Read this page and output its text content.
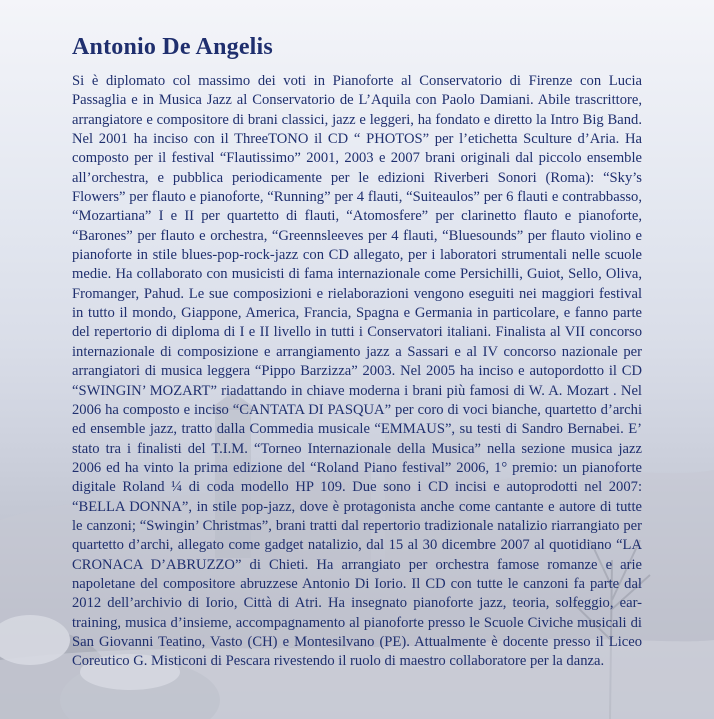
Antonio De Angelis

Si è diplomato col massimo dei voti in Pianoforte al Conservatorio di Firenze con Lucia Passaglia e in Musica Jazz al Conservatorio de L’Aquila con Paolo Damiani. Abile trascrittore, arrangiatore e compositore di brani classici, jazz e leggeri, ha fondato e diretto la Intro Big Band. Nel 2001 ha inciso con il ThreeTONO il CD “ PHOTOS” per l’etichetta Sculture d’Aria. Ha composto per il festival “Flautissimo” 2001, 2003 e 2007 brani originali dal piccolo ensemble all’orchestra, e pubblica periodicamente per le edizioni Riverberi Sonori (Roma): “Sky’s Flowers” per flauto e pianoforte, “Running” per 4 flauti, “Suiteaulos” per 6 flauti e contrabbasso, “Mozartiana” I e II per quartetto di flauti, “Atomosfere” per clarinetto flauto e pianoforte, “Barones” per flauto e orchestra, “Greennsleeves per 4 flauti, “Bluesounds” per flauto violino e pianoforte in stile blues-pop-rock-jazz con CD allegato, per i laboratori strumentali nelle scuole medie. Ha collaborato con musicisti di fama internazionale come Persichilli, Guiot, Sello, Oliva, Fromanger, Pahud. Le sue composizioni e rielaborazioni vengono eseguiti nei maggiori festival in tutto il mondo, Giappone, America, Francia, Spagna e Germania in particolare, e fanno parte del repertorio di diploma di I e II livello in tutti i Conservatori italiani. Finalista al VII concorso internazionale di composizione e arrangiamento jazz a Sassari e al IV concorso nazionale per arrangiatori di musica leggera “Pippo Barzizza” 2003. Nel 2005 ha inciso e autopordotto il CD “SWINGIN’ MOZART” riadattando in chiave moderna i brani più famosi di W. A. Mozart . Nel 2006 ha composto e inciso “CANTATA DI PASQUA” per coro di voci bianche, quartetto d’archi ed ensemble jazz, tratto dalla Commedia musicale “EMMAUS”, su testi di Sandro Bernabei. E’ stato tra i finalisti del T.I.M. “Torneo Internazionale della Musica” nella sezione musica jazz 2006 ed ha vinto la prima edizione del “Roland Piano festival” 2006, 1° premio: un pianoforte digitale Roland ¼ di coda modello HP 109. Due sono i CD incisi e autoprodotti nel 2007: “BELLA DONNA”, in stile pop-jazz, dove è protagonista anche come cantante e autore di tutte le canzoni; “Swingin’ Christmas”, brani tratti dal repertorio tradizionale natalizio riarrangiato per quartetto d’archi, allegato come gadget natalizio, dal 15 al 30 dicembre 2007 al quotidiano “LA CRONACA D’ABRUZZO” di Chieti. Ha arrangiato per orchestra famose romanze e arie napoletane del compositore abruzzese Antonio Di Iorio. Il CD con tutte le canzoni fa parte dal 2012 dell’archivio di Iorio, Città di Atri. Ha insegnato pianoforte jazz, teoria, solfeggio, ear-training, musica d’insieme, accompagnamento al pianoforte presso le Scuole Civiche musicali di San Giovanni Teatino, Vasto (CH) e Montesilvano (PE). Attualmente è docente presso il Liceo Coreutico G. Misticoni di Pescara rivestendo il ruolo di maestro collaboratore per la danza.
